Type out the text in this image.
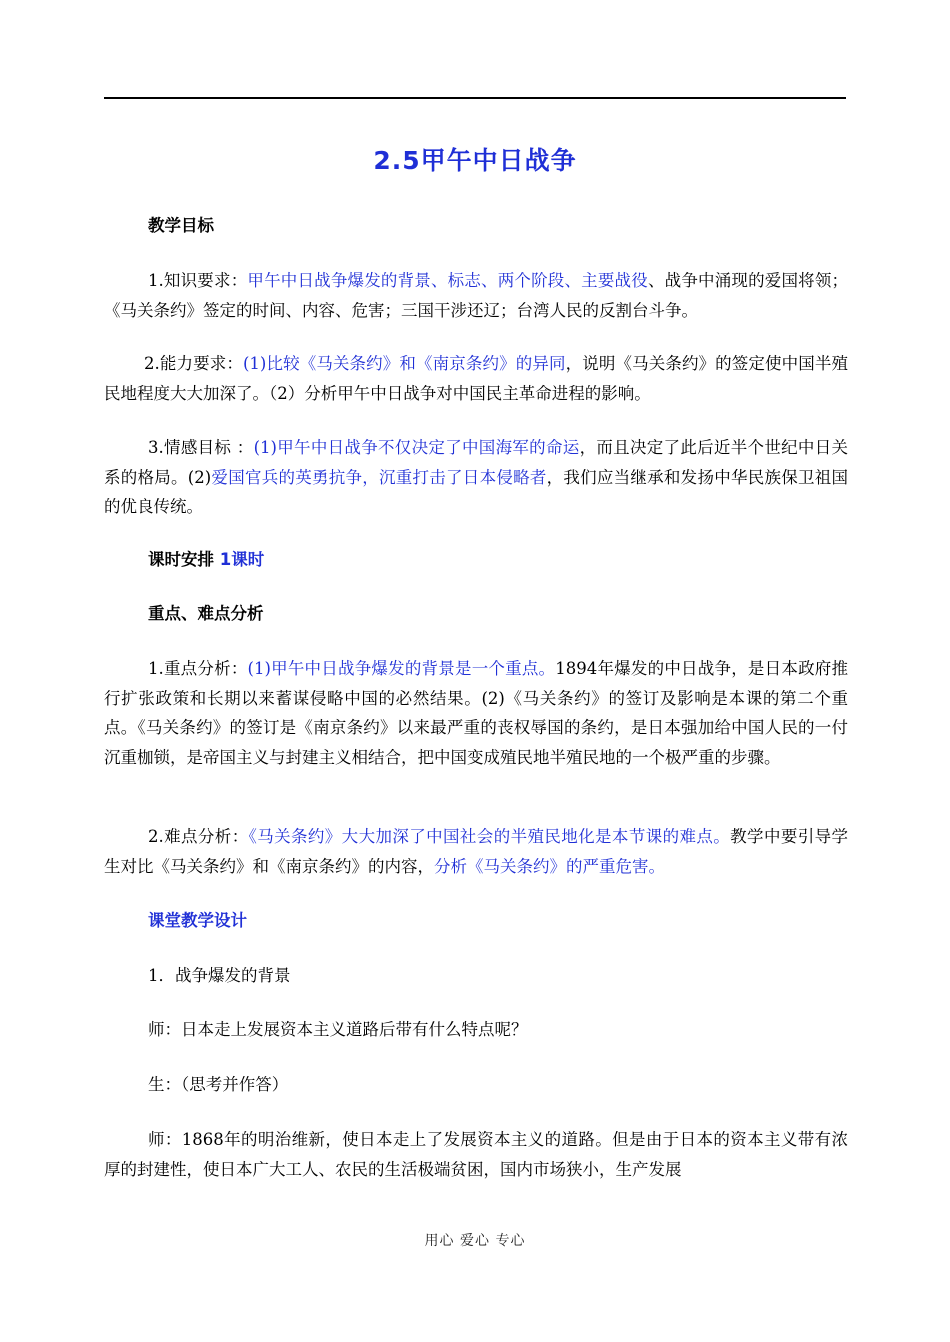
2.5甲午中日战争
教学目标

1.知识要求：甲午中日战争爆发的背景、标志、两个阶段、主要战役、战争中涌现的爱国将领；《马关条约》签定的时间、内容、危害；三国干涉还辽；台湾人民的反割台斗争。

2.能力要求：(1)比较《马关条约》和《南京条约》的异同，说明《马关条约》的签定使中国半殖民地程度大大加深了。（2）分析甲午中日战争对中国民主革命进程的影响。

3.情感目标 ：(1)甲午中日战争不仅决定了中国海军的命运，而且决定了此后近半个世纪中日关系的格局。(2)爱国官兵的英勇抗争，沉重打击了日本侵略者，我们应当继承和发扬中华民族保卫祖国的优良传统。

课时安排 1课时
重点、难点分析

1.重点分析：(1)甲午中日战争爆发的背景是一个重点。1894年爆发的中日战争，是日本政府推行扩张政策和长期以来蓄谋侵略中国的必然结果。(2)《马关条约》的签订及影响是本课的第二个重点。《马关条约》的签订是《南京条约》以来最严重的丧权辱国的条约，是日本强加给中国人民的一付沉重枷锁，是帝国主义与封建主义相结合，把中国变成殖民地半殖民地的一个极严重的步骤。

2.难点分析：《马关条约》大大加深了中国社会的半殖民地化是本节课的难点。教学中要引导学生对比《马关条约》和《南京条约》的内容，分析《马关条约》的严重危害。

课堂教学设计

1．战争爆发的背景

师：日本走上发展资本主义道路后带有什么特点呢？

生：（思考并作答）

师：1868年的明治维新，使日本走上了发展资本主义的道路。但是由于日本的资本主义带有浓厚的封建性，使日本广大工人、农民的生活极端贫困，国内市场狭小，生产发展

用心 爱心 专心
